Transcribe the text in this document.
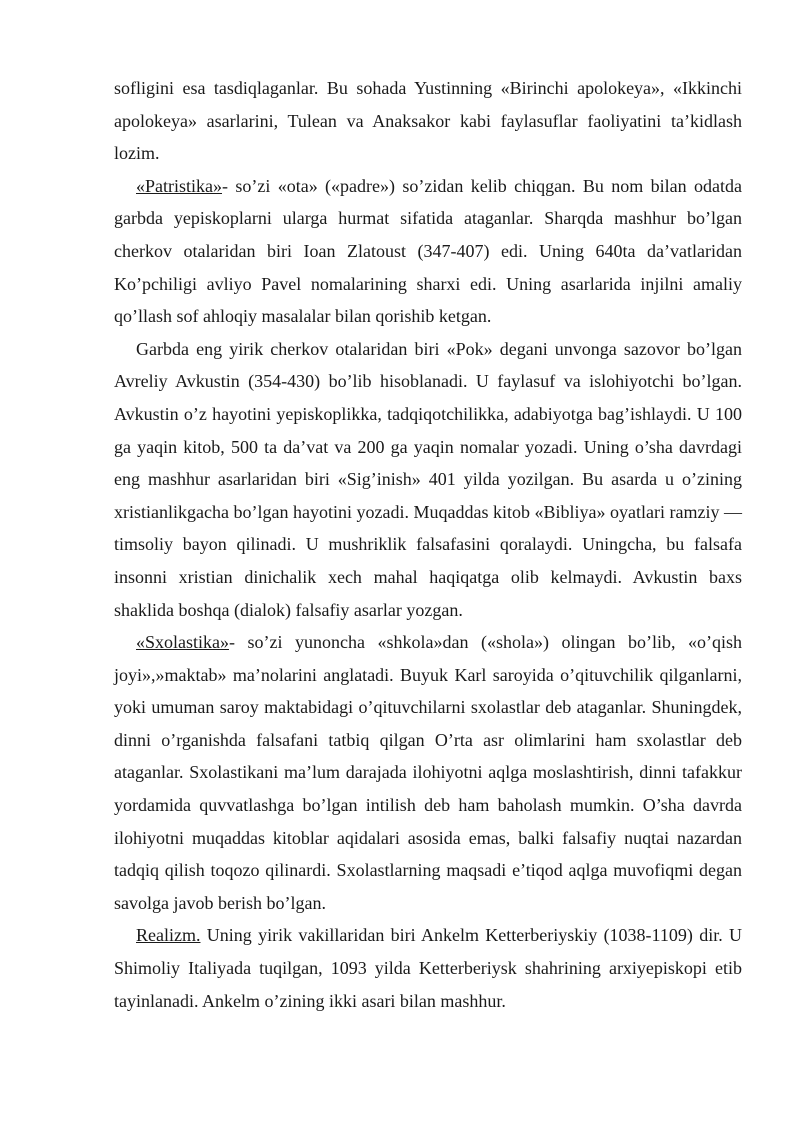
sofligini esa tasdiqlaganlar. Bu sohada Yustinning «Birinchi apolokeya», «Ikkinchi apolokeya» asarlarini, Tulean va Anaksakor kabi faylasuflar faoliyatini ta’kidlash lozim.

«Patristika»- so’zi «ota» («padre») so’zidan kelib chiqgan. Bu nom bilan odatda garbda yepiskoplarni ularga hurmat sifatida ataganlar. Sharqda mashhur bo’lgan cherkov otalaridan biri Ioan Zlatoust (347-407) edi. Uning 640ta da’vatlaridan Ko’pchiligi avliyo Pavel nomalarining sharxi edi. Uning asarlarida injilni amaliy qo’llash sof ahloqiy masalalar bilan qorishib ketgan.

Garbda eng yirik cherkov otalaridan biri «Pok» degani unvonga sazovor bo’lgan Avreliy Avkustin (354-430) bo’lib hisoblanadi. U faylasuf va islohiyotchi bo’lgan. Avkustin o’z hayotini yepiskoplikka, tadqiqotchilikka, adabiyotga bag’ishlaydi. U 100 ga yaqin kitob, 500 ta da’vat va 200 ga yaqin nomalar yozadi. Uning o’sha davrdagi eng mashhur asarlaridan biri «Sig’inish» 401 yilda yozilgan. Bu asarda u o’zining xristianlikgacha bo’lgan hayotini yozadi. Muqaddas kitob «Bibliya» oyatlari ramziy — timsoliy bayon qilinadi. U mushriklik falsafasini qoralaydi. Uningcha, bu falsafa insonni xristian dinichalik xech mahal haqiqatga olib kelmaydi. Avkustin baxs shaklida boshqa (dialok) falsafiy asarlar yozgan.

«Sxolastika»- so’zi yunoncha «shkola»dan («shola») olingan bo’lib, «o’qish joyi»,»maktab» ma’nolarini anglatadi. Buyuk Karl saroyida o’qituvchilik qilganlarni, yoki umuman saroy maktabidagi o’qituvchilarni sxolastlar deb ataganlar. Shuningdek, dinni o’rganishda falsafani tatbiq qilgan O’rta asr olimlarini ham sxolastlar deb ataganlar. Sxolastikani ma’lum darajada ilohiyotni aqlga moslashtirish, dinni tafakkur yordamida quvvatlashga bo’lgan intilish deb ham baholash mumkin. O’sha davrda ilohiyotni muqaddas kitoblar aqidalari asosida emas, balki falsafiy nuqtai nazardan tadqiq qilish toqozo qilinardi. Sxolastlarning maqsadi e’tiqod aqlga muvofiqmi degan savolga javob berish bo’lgan.

Realizm. Uning yirik vakillaridan biri Ankelm Ketterberiyskiy (1038-1109) dir. U Shimoliy Italiyada tuqilgan, 1093 yilda Ketterberiysk shahrining arxiyepiskopi etib tayinlanadi. Ankelm o’zining ikki asari bilan mashhur.
